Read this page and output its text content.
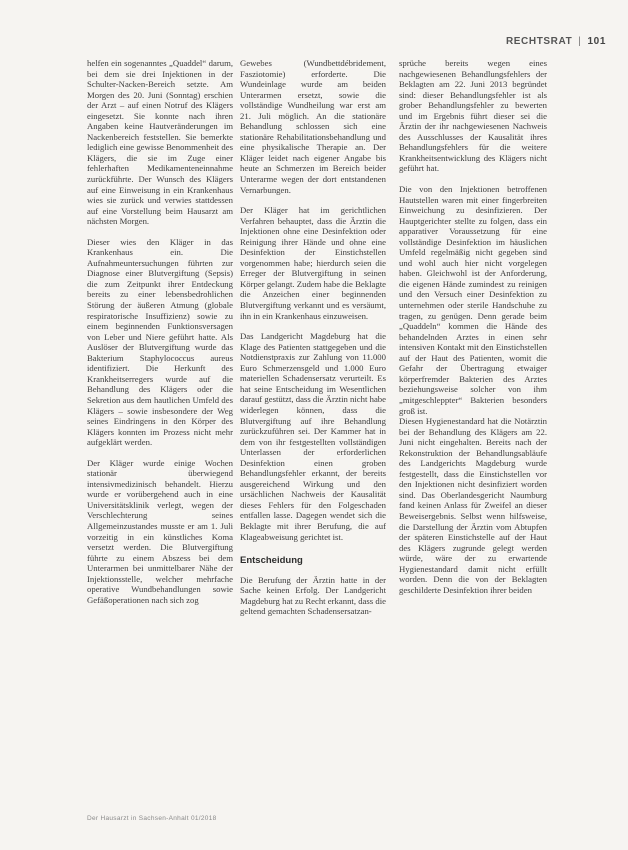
RECHTSRAT | 101

helfen ein sogenanntes „Quaddel“ darum, bei dem sie drei Injektionen in der Schulter-Nacken-Bereich setzte. Am Morgen des 20. Juni (Sonntag) erschien der Arzt – auf einen Notruf des Klägers eingesetzt. Sie konnte nach ihren Angaben keine Hautveränderungen im Nackenbereich feststellen. Sie bemerkte lediglich eine gewisse Benommenheit des Klägers, die sie im Zuge einer fehlerhaften Medikamenteneinnahme zurückführte. Der Wunsch des Klägers auf eine Einweisung in ein Krankenhaus wies sie zurück und verwies stattdessen auf eine Vorstellung beim Hausarzt am nächsten Morgen.

Dieser wies den Kläger in das Krankenhaus ein. Die Aufnahmeuntersuchungen führten zur Diagnose einer Blutvergiftung (Sepsis) die zum Zeitpunkt ihrer Entdeckung bereits zu einer lebensbedrohlichen Störung der äußeren Atmung (globale respiratorische Insuffizienz) sowie zu einem beginnenden Funktionsversagen von Leber und Niere geführt hatte. Als Auslöser der Blutvergiftung wurde das Bakterium Staphylococcus aureus identifiziert. Die Herkunft des Krankheitserregers wurde auf die Behandlung des Klägers oder die Sekretion aus dem hautlichen Umfeld des Klägers – sowie insbesondere der Weg seines Eindringens in den Körper des Klägers konnten im Prozess nicht mehr aufgeklärt werden.

Der Kläger wurde einige Wochen stationär überwiegend intensivmedizinisch behandelt. Hierzu wurde er vorübergehend auch in eine Universitätsklinik verlegt, wegen der Verschlechterung seines Allgemeinzustandes musste er am 1. Juli vorzeitig in ein künstliches Koma versetzt werden. Die Blutvergiftung führte zu einem Abszess bei dem Unterarmen bei unmittelbarer Nähe der Injektionsstelle, welcher mehrfache operative Wundbehandlungen sowie Gefäßoperationen nach sich zog

Gewebes (Wundbettdébridement, Fasziotomie) erforderte. Die Wundeinlage wurde am beiden Unterarmen ersetzt, sowie die vollständige Wundheilung war erst am 21. Juli möglich. An die stationäre Behandlung schlossen sich eine stationäre Rehabilitationsbehandlung und eine physikalische Therapie an. Der Kläger leidet nach eigener Angabe bis heute an Schmerzen im Bereich beider Unterarme wegen der dort entstandenen Vernarbungen.

Der Kläger hat im gerichtlichen Verfahren behauptet, dass die Ärztin die Injektionen ohne eine Desinfektion oder Reinigung ihrer Hände und ohne eine Desinfektion der Einstichstellen vorgenommen habe; hierdurch seien die Erreger der Blutvergiftung in seinen Körper gelangt. Zudem habe die Beklagte die Anzeichen einer beginnenden Blutvergiftung verkannt und es versäumt, ihn in ein Krankenhaus einzuweisen.

Das Landgericht Magdeburg hat die Klage des Patienten stattgegeben und die Notdienstpraxis zur Zahlung von 11.000 Euro Schmerzensgeld und 1.000 Euro materiellen Schadensersatz verurteilt. Es hat seine Entscheidung im Wesentlichen darauf gestützt, dass die Ärztin nicht habe widerlegen können, dass die Blutvergiftung auf ihre Behandlung zurückzuführen sei. Der Kammer hat in dem von ihr festgestellten vollständigen Unterlassen der erforderlichen Desinfektion einen groben Behandlungsfehler erkannt, der bereits ausgereichend Wirkung und den ursächlichen Nachweis der Kausalität dieses Fehlers für den Folgeschaden entfallen lasse. Dagegen wendet sich die Beklagte mit ihrer Berufung, die auf Klageabweisung gerichtet ist.

Entscheidung

Die Berufung der Ärztin hatte in der Sache keinen Erfolg. Der Landgericht Magdeburg hat zu Recht erkannt, dass die geltend gemachten Schadensersatzan-

sprüche bereits wegen eines nachgewiesenen Behandlungsfehlers der Beklagten am 22. Juni 2013 begründet sind: dieser Behandlungsfehler ist als grober Behandlungsfehler zu bewerten und im Ergebnis führt dieser sei die Ärztin der ihr nachgewiesenen Nachweis des Ausschlusses der Kausalität ihres Behandlungsfehlers für die weitere Krankheitsentwicklung des Klägers nicht geführt hat.

Die von den Injektionen betroffenen Hautstellen waren mit einer fingerbreiten Einweichung zu desinfizieren. Der Hauptgerichter stellte zu folgen, dass ein apparativer Voraussetzung für eine vollständige Desinfektion im häuslichen Umfeld regelmäßig nicht gegeben sind und wohl auch hier nicht vorgelegen haben. Gleichwohl ist der Anforderung, die eigenen Hände zumindest zu reinigen und den Versuch einer Desinfektion zu unternehmen oder sterile Handschuhe zu tragen, zu genügen. Denn gerade beim „Quaddeln“ kommen die Hände des behandelnden Arztes in einen sehr intensiven Kontakt mit den Einstichstellen auf der Haut des Patienten, womit die Gefahr der Übertragung etwaiger körperfremder Bakterien des Arztes beziehungsweise solcher von ihm „mitgeschleppter“ Bakterien besonders groß ist.

Diesen Hygienestandard hat die Notärztin bei der Behandlung des Klägers am 22. Juni nicht eingehalten. Bereits nach der Rekonstruktion der Behandlungsabläufe des Landgerichts Magdeburg wurde festgestellt, dass die Einstichstellen vor den Injektionen nicht desinfiziert worden sind. Das Oberlandesgericht Naumburg fand keinen Anlass für Zweifel an dieser Beweisergebnis. Selbst wenn hilfsweise, die Darstellung der Ärztin vom Abtupfen der späteren Einstichstelle auf der Haut des Klägers zugrunde gelegt werden würde, wäre der zu erwartende Hygienestandard damit nicht erfüllt worden. Denn die von der Beklagten geschilderte Desinfektion ihrer beiden

Der Hausarzt in Sachsen-Anhalt 01/2018
